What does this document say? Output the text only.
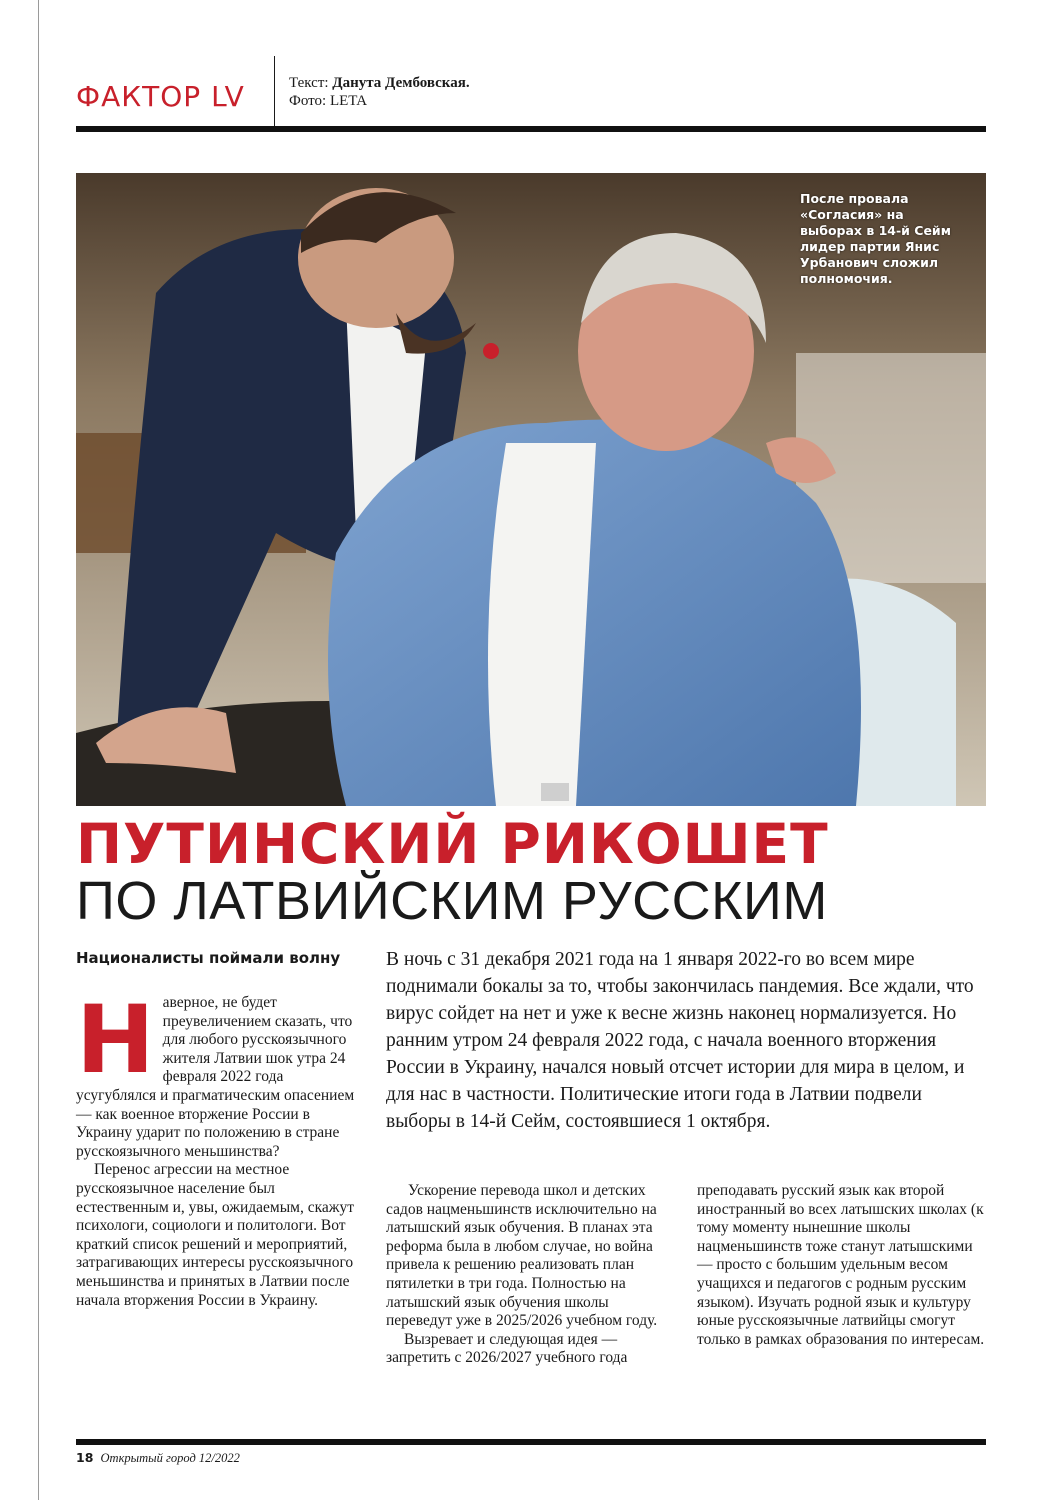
ФАКТОР LV	Текст: Данута Дембовская.
Фото: LETA
После провала «Согласия» на выборах в 14-й Сейм лидер партии Янис Урбанович сложил полномочия.
ПУТИНСКИЙ РИКОШЕТ
ПО ЛАТВИЙСКИМ РУССКИМ
Националисты поймали волну	В ночь с 31 декабря 2021 года на 1 января 2022-го во всем мире поднимали бокалы за то, чтобы закончилась пандемия. Все ждали, что вирус сойдет на нет и уже к весне жизнь наконец нормализуется. Но ранним утром 24 февраля 2022 года, с начала военного вторжения России в Украину, начался новый отсчет истории для мира в целом, и для нас в частности. Политические итоги года в Латвии подвели выборы в 14-й Сейм, состоявшиеся 1 октября.

Наверное, не будет преувеличением сказать, что для любого русскоязычного жителя Латвии шок утра 24 февраля 2022 года усугублялся и прагматическим опасением — как военное вторжение России в Украину ударит по положению в стране русскоязычного меньшинства?

Перенос агрессии на местное русскоязычное население был естественным и, увы, ожидаемым, скажут психологи, социологи и политологи. Вот краткий список решений и мероприятий, затрагивающих интересы русскоязычного меньшинства и принятых в Латвии после начала вторжения России в Украину.

Ускорение перевода школ и детских садов нацменьшинств исключительно на латышский язык обучения. В планах эта реформа была в любом случае, но война привела к решению реализовать план пятилетки в три года. Полностью на латышский язык обучения школы переведут уже в 2025/2026 учебном году.

Вызревает и следующая идея — запретить с 2026/2027 учебного года

преподавать русский язык как второй иностранный во всех латышских школах (к тому моменту нынешние школы нацменьшинств тоже станут латышскими — просто с большим удельным весом учащихся и педагогов с родным русским языком). Изучать родной язык и культуру юные русскоязычные латвийцы смогут только в рамках образования по интересам.

18 Открытый город 12/2022
